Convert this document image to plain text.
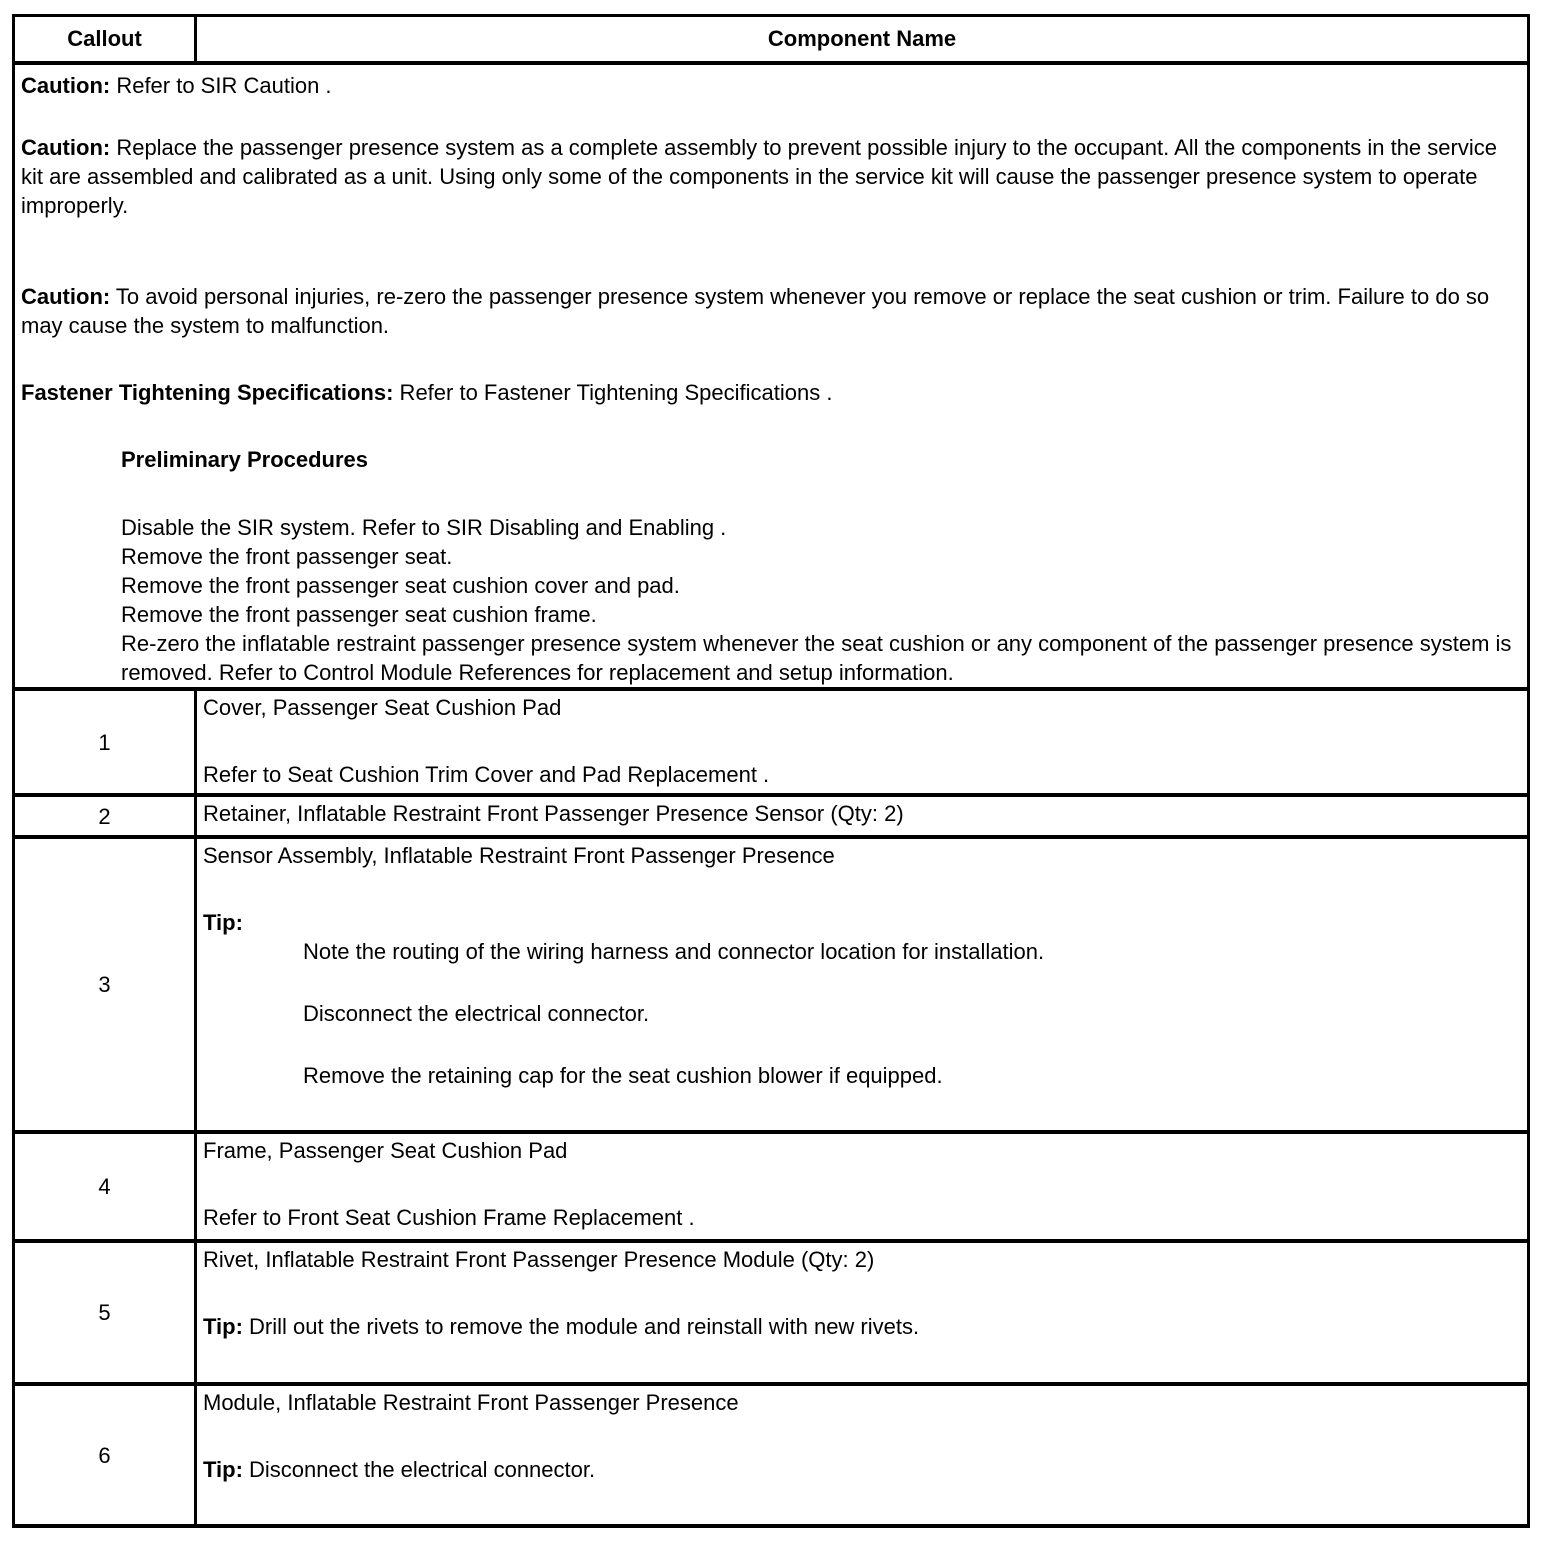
Callout	Component Name

Caution: Refer to SIR Caution .

Caution: Replace the passenger presence system as a complete assembly to prevent possible injury to the occupant. All the components in the service kit are assembled and calibrated as a unit. Using only some of the components in the service kit will cause the passenger presence system to operate improperly.

Caution: To avoid personal injuries, re-zero the passenger presence system whenever you remove or replace the seat cushion or trim. Failure to do so may cause the system to malfunction.

Fastener Tightening Specifications: Refer to Fastener Tightening Specifications .

Preliminary Procedures

Disable the SIR system. Refer to SIR Disabling and Enabling .

Remove the front passenger seat.

Remove the front passenger seat cushion cover and pad.

Remove the front passenger seat cushion frame.

Re-zero the inflatable restraint passenger presence system whenever the seat cushion or any component of the passenger presence system is removed. Refer to Control Module References for replacement and setup information.

1

Cover, Passenger Seat Cushion Pad

Refer to Seat Cushion Trim Cover and Pad Replacement .

2	Retainer, Inflatable Restraint Front Passenger Presence Sensor (Qty: 2)

3

Sensor Assembly, Inflatable Restraint Front Passenger Presence

Tip:

Note the routing of the wiring harness and connector location for installation.

Disconnect the electrical connector.

Remove the retaining cap for the seat cushion blower if equipped.

4

Frame, Passenger Seat Cushion Pad

Refer to Front Seat Cushion Frame Replacement .

5

Rivet, Inflatable Restraint Front Passenger Presence Module (Qty: 2)

Tip: Drill out the rivets to remove the module and reinstall with new rivets.

6

Module, Inflatable Restraint Front Passenger Presence

Tip: Disconnect the electrical connector.
